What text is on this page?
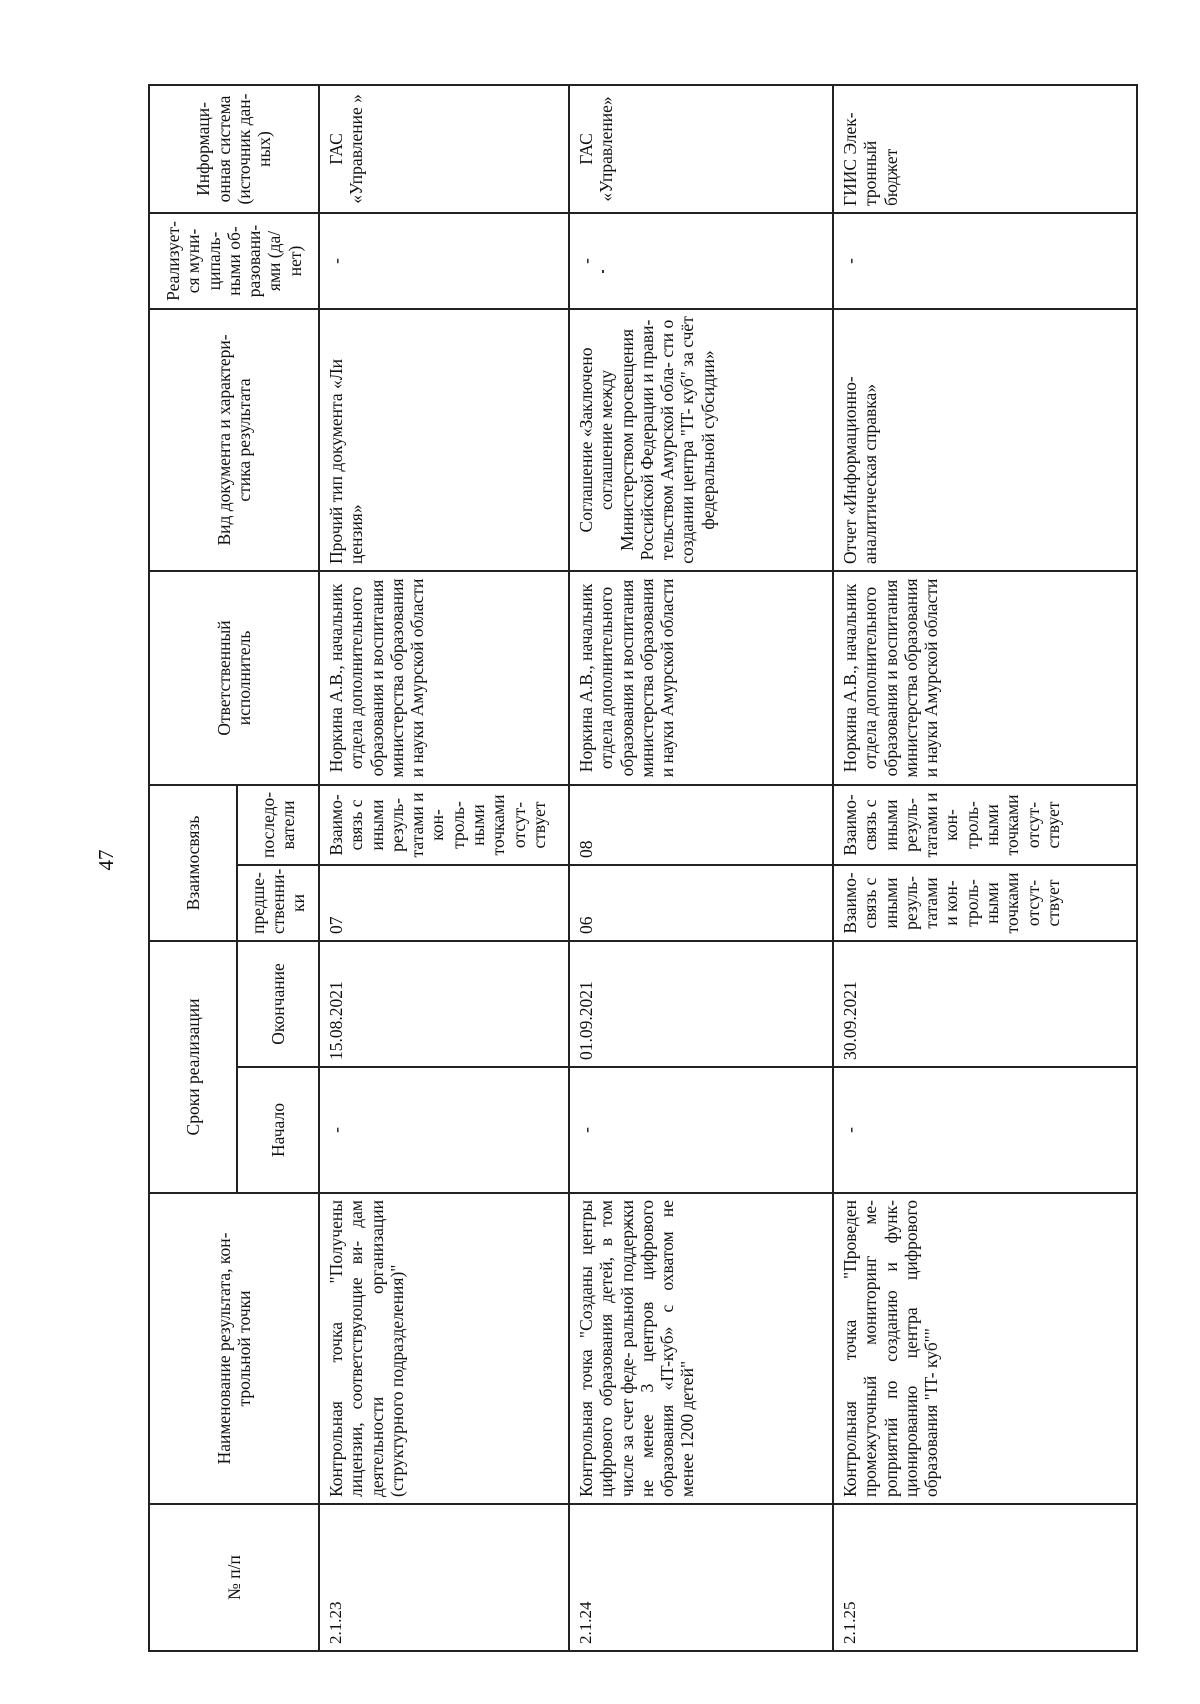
47
№ п/п	Наименование результата, кон- трольной точки	Сроки реализации		Взаимосвязь		Ответственный исполнитель	Вид документа и характери- стика результата	Реализует- ся муни- ципаль- ными об- разовани- ями (да/нет)	Информаци- онная система (источник дан- ных)
		Начало	Окончание	предше- ственни- ки	последо- ватели				
2.1.23	Контрольная точка "Получены лицензии, соответствующие ви- дам деятельности организации (структурного подразделения)"	-	15.08.2021	07	Взаимо- связь с иными резуль- татами и кон- троль- ными точками отсут- ствует	Норкина А.В., начальник отдела дополнительного образования и воспитания министерства образования и науки Амурской области	Прочий тип документа «Ли цензия»	-	ГАС «Управление »
2.1.24	Контрольная точка "Созданы центры цифрового образования детей, в том числе за счет феде- ральной поддержки не менее 3 центров цифрового образования «IT-куб» с охватом не менее 1200 детей"	-	01.09.2021	06	08	Норкина А.В., начальник отдела дополнительного образования и воспитания министерства образования и науки Амурской области	Соглашение «Заключено соглашение между Министерством просвещения Российской Федерации и прави- тельством Амурской обла- сти о создании центра "IT- куб" за счёт федеральной субсидии»	-	ГАС «Управление»
2.1.25	Контрольная точка "Проведен промежуточный мониторинг ме- роприятий по созданию и функ- ционированию центра цифрового образования "IT- куб""	-	30.09.2021	Взаимо- связь с иными резуль- татами и кон- троль- ными точками отсут- ствует	Взаимо- связь с иными резуль- татами и кон- троль- ными точками отсут- ствует	Норкина А.В., начальник отдела дополнительного образования и воспитания министерства образования и науки Амурской области	Отчет «Информационно- аналитическая справка»	-	ГИИС Элек- тронный бюджет
